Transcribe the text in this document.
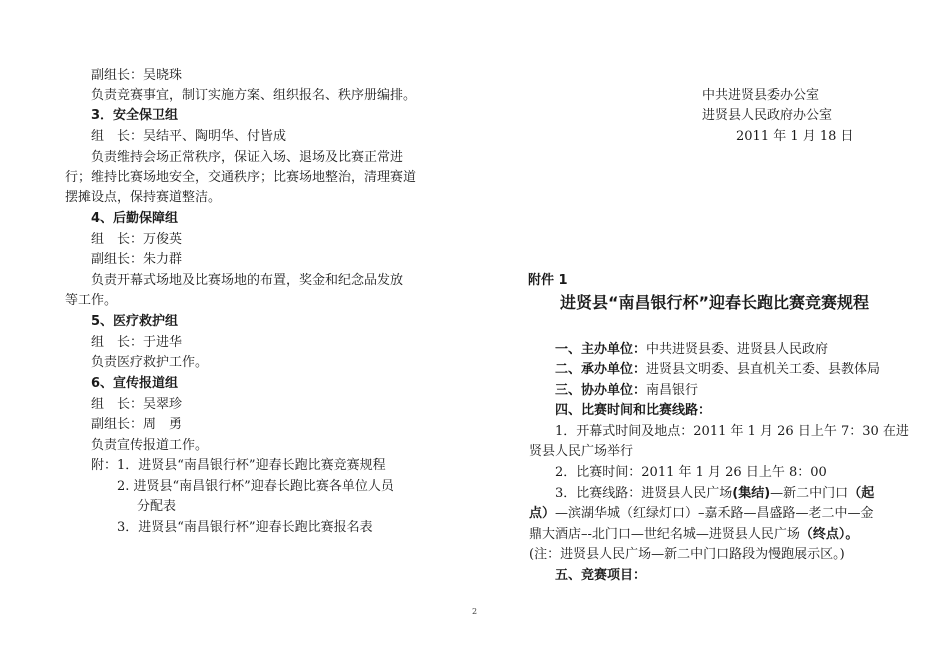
副组长：吴晓珠
负责竞赛事宜，制订实施方案、组织报名、秩序册编排。
3．安全保卫组
组　长：吴结平、陶明华、付皆成
负责维持会场正常秩序，保证入场、退场及比赛正常进
行；维持比赛场地安全，交通秩序；比赛场地整治，清理赛道
摆摊设点，保持赛道整洁。
4、后勤保障组
组　长：万俊英
副组长：朱力群
负责开幕式场地及比赛场地的布置，奖金和纪念品发放
等工作。
5、医疗救护组
组　长：于进华
负责医疗救护工作。
6、宣传报道组
组　长：吴翠珍
副组长：周　勇
负责宣传报道工作。
附：1．进贤县“南昌银行杯”迎春长跑比赛竞赛规程
2. 进贤县“南昌银行杯”迎春长跑比赛各单位人员
分配表
3．进贤县“南昌银行杯”迎春长跑比赛报名表
中共进贤县委办公室
进贤县人民政府办公室
2011 年 1 月 18 日
附件 1
进贤县“南昌银行杯”迎春长跑比赛竞赛规程
一、主办单位：中共进贤县委、进贤县人民政府
二、承办单位：进贤县文明委、县直机关工委、县教体局
三、协办单位：南昌银行
四、比赛时间和比赛线路：
1．开幕式时间及地点：2011 年 1 月 26 日上午 7：30 在进
贤县人民广场举行
2．比赛时间：2011 年 1 月 26 日上午 8：00
3．比赛线路：进贤县人民广场(集结)—新二中门口（起
点）—滨湖华城（红绿灯口）–嘉禾路—昌盛路—老二中—金
鼎大酒店–-北门口—世纪名城—进贤县人民广场（终点）。
(注：进贤县人民广场—新二中门口路段为慢跑展示区。)
五、竞赛项目：
2
